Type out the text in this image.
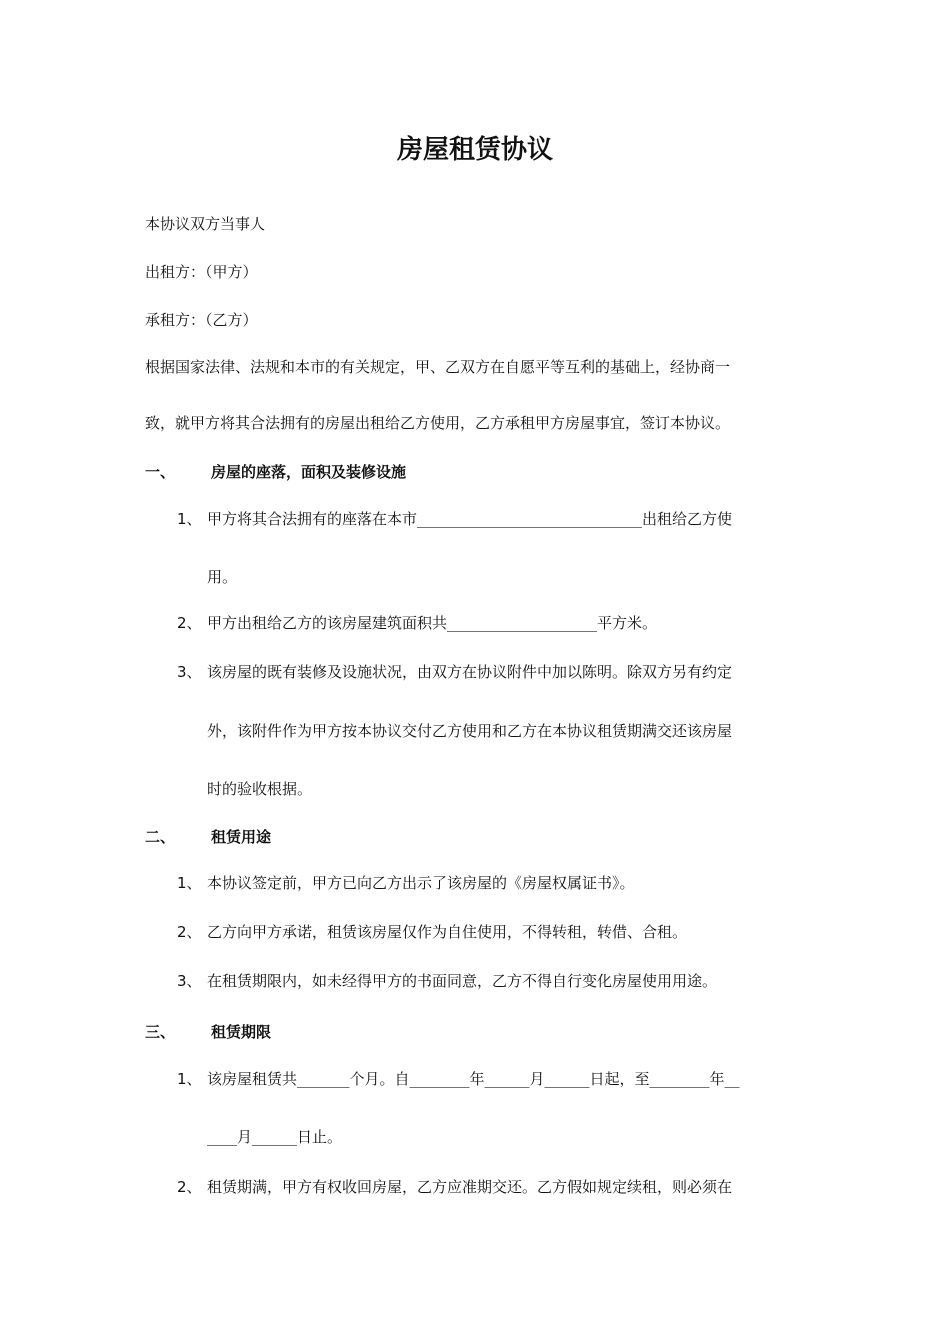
房屋租赁协议
本协议双方当事人
出租方：（甲方）
承租方：（乙方）
根据国家法律、法规和本市的有关规定，甲、乙双方在自愿平等互利的基础上，经协商一
致，就甲方将其合法拥有的房屋出租给乙方使用，乙方承租甲方房屋事宜，签订本协议。
一、 房屋的座落，面积及装修设施
1、 甲方将其合法拥有的座落在本市______________________________出租给乙方使
用。
2、 甲方出租给乙方的该房屋建筑面积共____________________平方米。
3、 该房屋的既有装修及设施状况，由双方在协议附件中加以陈明。除双方另有约定
外，该附件作为甲方按本协议交付乙方使用和乙方在本协议租赁期满交还该房屋
时的验收根据。
二、 租赁用途
1、 本协议签定前，甲方已向乙方出示了该房屋的《房屋权属证书》。
2、 乙方向甲方承诺，租赁该房屋仅作为自住使用，不得转租，转借、合租。
3、 在租赁期限内，如未经得甲方的书面同意，乙方不得自行变化房屋使用用途。
三、 租赁期限
1、 该房屋租赁共_______个月。自________年______月______日起，至________年__
____月______日止。
2、 租赁期满，甲方有权收回房屋，乙方应准期交还。乙方假如规定续租，则必须在
